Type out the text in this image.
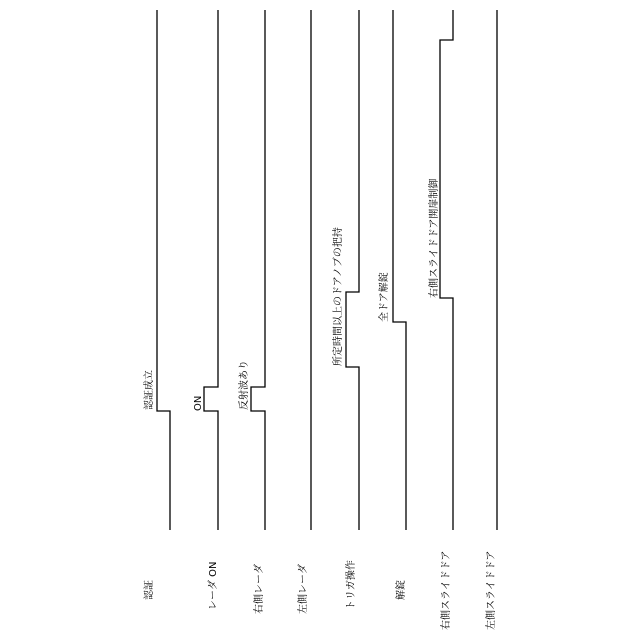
認証成立	ON	反射波あり
所定時間以上のドアノブの把持	全ドア解錠	右側スライドドア開扉制御
認証	レーダ ON	右側レーダ	左側レーダ	トリガ操作	解錠	右側スライドドア	左側スライドドア
